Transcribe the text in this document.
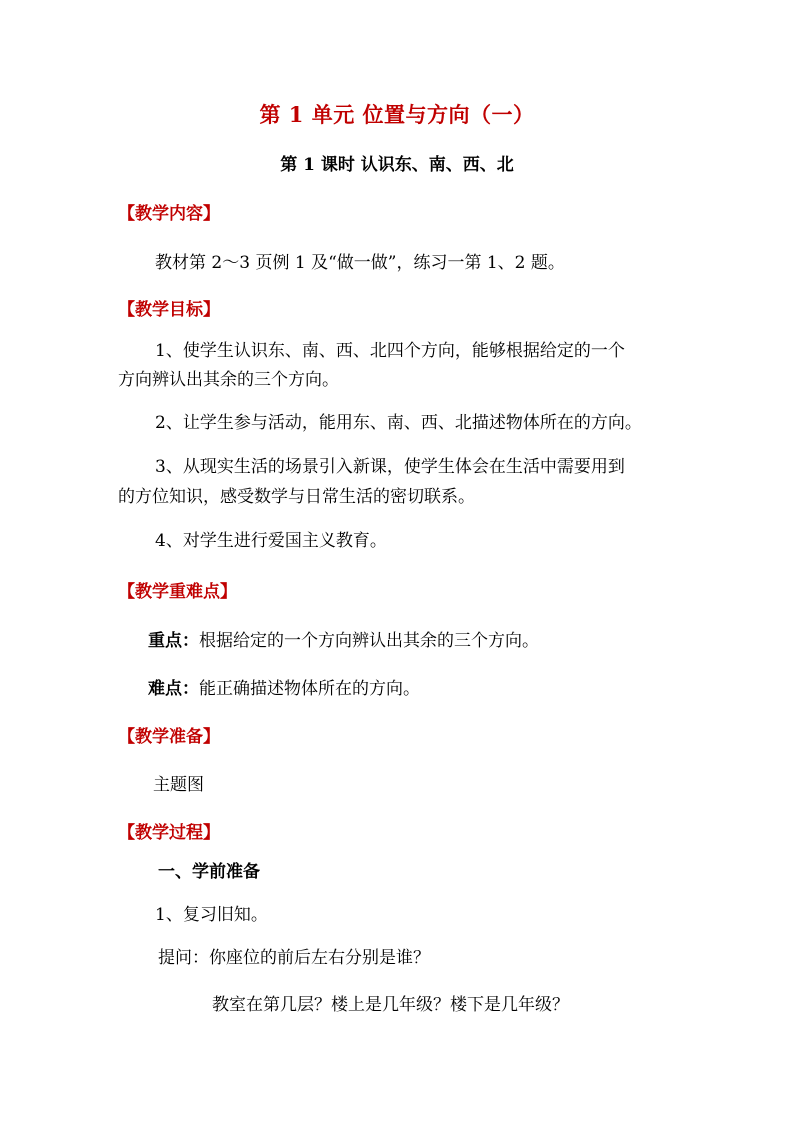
第 1 单元 位置与方向（一）
第 1 课时 认识东、南、西、北
【教学内容】
教材第 2～3 页例 1 及“做一做”，练习一第 1、2 题。
【教学目标】
1、使学生认识东、南、西、北四个方向，能够根据给定的一个
方向辨认出其余的三个方向。
2、让学生参与活动，能用东、南、西、北描述物体所在的方向。
3、从现实生活的场景引入新课，使学生体会在生活中需要用到
的方位知识，感受数学与日常生活的密切联系。
4、对学生进行爱国主义教育。
【教学重难点】
重点：根据给定的一个方向辨认出其余的三个方向。
难点：能正确描述物体所在的方向。
【教学准备】
主题图
【教学过程】
一、学前准备
1、复习旧知。
提问：你座位的前后左右分别是谁？
教室在第几层？楼上是几年级？楼下是几年级？
